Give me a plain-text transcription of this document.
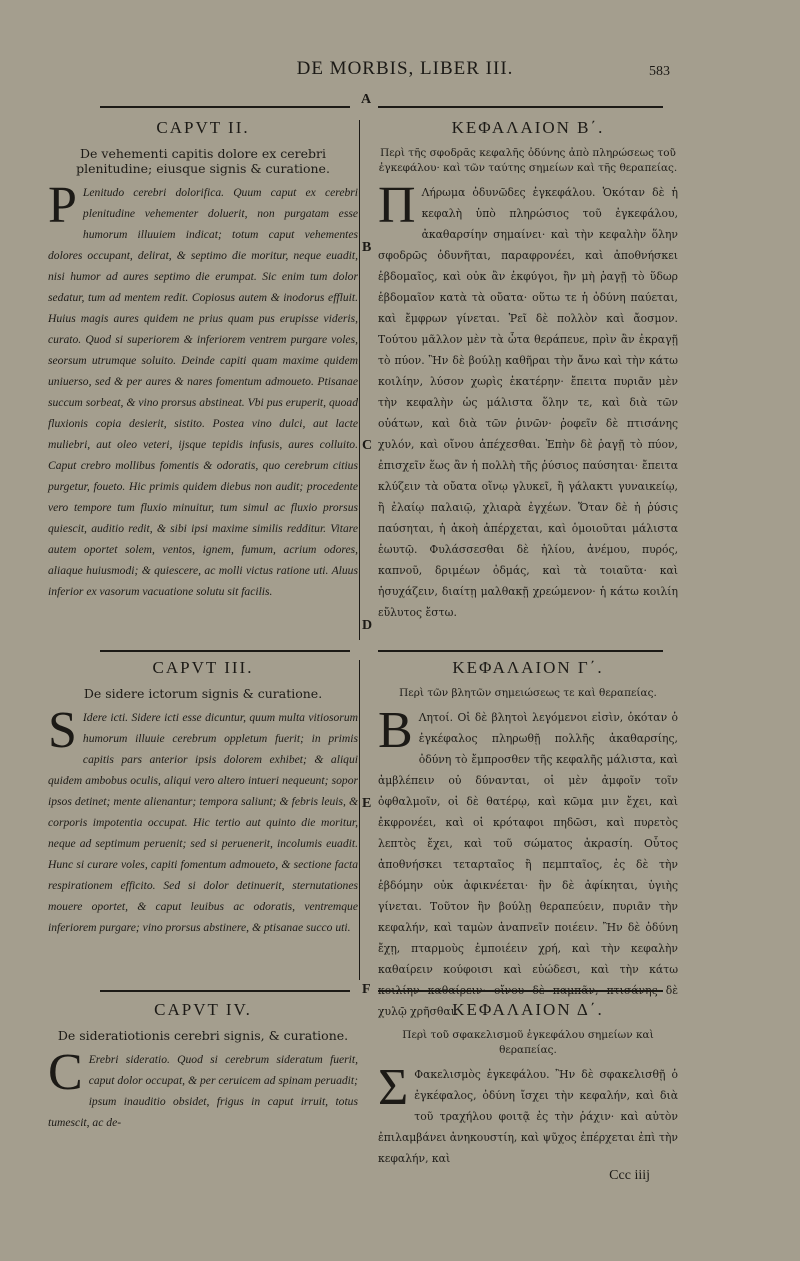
DE MORBIS, LIBER III.	583
A
B
C
D
E
F
CAPVT II.
De vehementi capitis dolore ex cerebri plenitudine; eiusque signis & curatione.
P Lenitudo cerebri dolorifica. Quum caput ex cerebri plenitudine vehementer doluerit, non purgatam esse humorum illuuiem indicat; totum caput vehementes dolores occupant, delirat, & septimo die moritur, neque euadit, nisi humor ad aures septimo die erumpat. Sic enim tum dolor sedatur, tum ad mentem redit. Copiosus autem & inodorus effluit. Huius magis aures quidem ne prius quam pus erupisse videris, curato. Quod si superiorem & inferiorem ventrem purgare voles, seorsum utrumque soluito. Deinde capiti quam maxime quidem uniuerso, sed & per aures & nares fomentum admoueto. Ptisanae succum sorbeat, & vino prorsus abstineat. Vbi pus eruperit, quoad fluxionis copia desierit, sistito. Postea vino dulci, aut lacte muliebri, aut oleo veteri, ijsque tepidis infusis, aures colluito. Caput crebro mollibus fomentis & odoratis, quo cerebrum citius purgetur, foueto. Hic primis quidem diebus non audit; procedente vero tempore tum fluxio minuitur, tum simul ac fluxio prorsus quiescit, auditio redit, & sibi ipsi maxime similis redditur. Vitare autem oportet solem, ventos, ignem, fumum, acrium odores, aliaque huiusmodi; & quiescere, ac molli victus ratione uti. Aluus inferior ex vasorum vacuatione solutu sit facilis.
CAPVT III.
De sidere ictorum signis & curatione.
S Idere icti. Sidere icti esse dicuntur, quum multa vitiosorum humorum illuuie cerebrum oppletum fuerit; in primis capitis pars anterior ipsis dolorem exhibet; & aliqui quidem ambobus oculis, aliqui vero altero intueri nequeunt; sopor ipsos detinet; mente alienantur; tempora saliunt; & febris leuis, & corporis impotentia occupat. Hic tertio aut quinto die moritur, neque ad septimum peruenit; sed si peruenerit, incolumis euadit. Hunc si curare voles, capiti fomentum admoueto, & sectione facta respirationem efficito. Sed si dolor detinuerit, sternutationes mouere oportet, & caput leuibus ac odoratis, ventremque inferiorem purgare; vino prorsus abstinere, & ptisanae succo uti.
CAPVT IV.
De sideratiotionis cerebri signis, & curatione.
C Erebri sideratio. Quod si cerebrum sideratum fuerit, caput dolor occupat, & per ceruicem ad spinam peruadit; ipsum inauditio obsidet, frigus in caput irruit, totus tumescit, ac de-
ΚΕΦΑΛΑΙΟΝ Β΄.
Περὶ τῆς σφοδρᾶς κεφαλῆς ὀδύνης ἀπὸ πληρώσεως τοῦ ἐγκεφάλου· καὶ τῶν ταύτης σημείων καὶ τῆς θεραπείας.
Π Λήρωμα ὀδυνῶδες ἐγκεφάλου. Ὁκόταν δὲ ἡ κεφαλὴ ὑπὸ πληρώσιος τοῦ ἐγκεφάλου, ἀκαθαρσίην σημαίνει· καὶ τὴν κεφαλὴν ὅλην σφοδρῶς ὀδυνῆται, παραφρονέει, καὶ ἀποθνήσκει ἑβδομαῖος, καὶ οὐκ ἂν ἐκφύγοι, ἢν μὴ ῥαγῇ τὸ ὕδωρ ἑβδομαῖον κατὰ τὰ οὔατα· οὕτω τε ἡ ὀδύνη παύεται, καὶ ἔμφρων γίνεται. Ῥεῖ δὲ πολλὸν καὶ ἄοσμον. Τούτου μᾶλλον μὲν τὰ ὦτα θεράπευε, πρὶν ἂν ἐκραγῇ τὸ πύον. Ἢν δὲ βούλῃ καθῆραι τὴν ἄνω καὶ τὴν κάτω κοιλίην, λύσον χωρὶς ἑκατέρην· ἔπειτα πυριᾶν μὲν τὴν κεφαλὴν ὡς μάλιστα ὅλην τε, καὶ διὰ τῶν οὐάτων, καὶ διὰ τῶν ῥινῶν· ῥοφεῖν δὲ πτισάνης χυλόν, καὶ οἴνου ἀπέχεσθαι. Ἐπὴν δὲ ῥαγῇ τὸ πύον, ἐπισχεῖν ἕως ἂν ἡ πολλὴ τῆς ῥύσιος παύσηται· ἔπειτα κλύζειν τὰ οὔατα οἴνῳ γλυκεῖ, ἢ γάλακτι γυναικείῳ, ἢ ἐλαίῳ παλαιῷ, χλιαρὰ ἐγχέων. Ὅταν δὲ ἡ ῥύσις παύσηται, ἡ ἀκοὴ ἀπέρχεται, καὶ ὁμοιοῦται μάλιστα ἑωυτῷ. Φυλάσσεσθαι δὲ ἡλίου, ἀνέμου, πυρός, καπνοῦ, δριμέων ὀδμάς, καὶ τὰ τοιαῦτα· καὶ ἡσυχάζειν, διαίτῃ μαλθακῇ χρεώμενον· ἡ κάτω κοιλίη εὔλυτος ἔστω.
ΚΕΦΑΛΑΙΟΝ Γ΄.
Περὶ τῶν βλητῶν σημειώσεως τε καὶ θεραπείας.
Β Λητοί. Οἱ δὲ βλητοὶ λεγόμενοι εἰσὶν, ὁκόταν ὁ ἐγκέφαλος πληρωθῇ πολλῆς ἀκαθαρσίης, ὀδύνη τὸ ἔμπροσθεν τῆς κεφαλῆς μάλιστα, καὶ ἀμβλέπειν οὐ δύνανται, οἱ μὲν ἀμφοῖν τοῖν ὀφθαλμοῖν, οἱ δὲ θατέρῳ, καὶ κῶμα μιν ἔχει, καὶ ἐκφρονέει, καὶ οἱ κρόταφοι πηδῶσι, καὶ πυρετὸς λεπτὸς ἔχει, καὶ τοῦ σώματος ἀκρασίη. Οὗτος ἀποθνήσκει τεταρταῖος ἢ πεμπταῖος, ἐς δὲ τὴν ἑβδόμην οὐκ ἀφικνέεται· ἢν δὲ ἀφίκηται, ὑγιὴς γίνεται. Τοῦτον ἢν βούλῃ θεραπεύειν, πυριᾶν τὴν κεφαλήν, καὶ ταμὼν ἀναπνεῖν ποιέειν. Ἢν δὲ ὀδύνη ἔχῃ, πταρμοὺς ἐμποιέειν χρή, καὶ τὴν κεφαλὴν καθαίρειν κούφοισι καὶ εὐώδεσι, καὶ τὴν κάτω κοιλίην καθαίρειν· οἴνου δὲ παμπᾶν, πτισάνης δὲ χυλῷ χρῆσθαι.
ΚΕΦΑΛΑΙΟΝ Δ΄.
Περὶ τοῦ σφακελισμοῦ ἐγκεφάλου σημείων καὶ θεραπείας.
Σ Φακελισμὸς ἐγκεφάλου. Ἢν δὲ σφακελισθῇ ὁ ἐγκέφαλος, ὀδύνη ἴσχει τὴν κεφαλήν, καὶ διὰ τοῦ τραχήλου φοιτᾷ ἐς τὴν ῥάχιν· καὶ αὐτὸν ἐπιλαμβάνει ἀνηκουστίη, καὶ ψῦχος ἐπέρχεται ἐπὶ τὴν κεφαλήν, καὶ
Ccc iiij
